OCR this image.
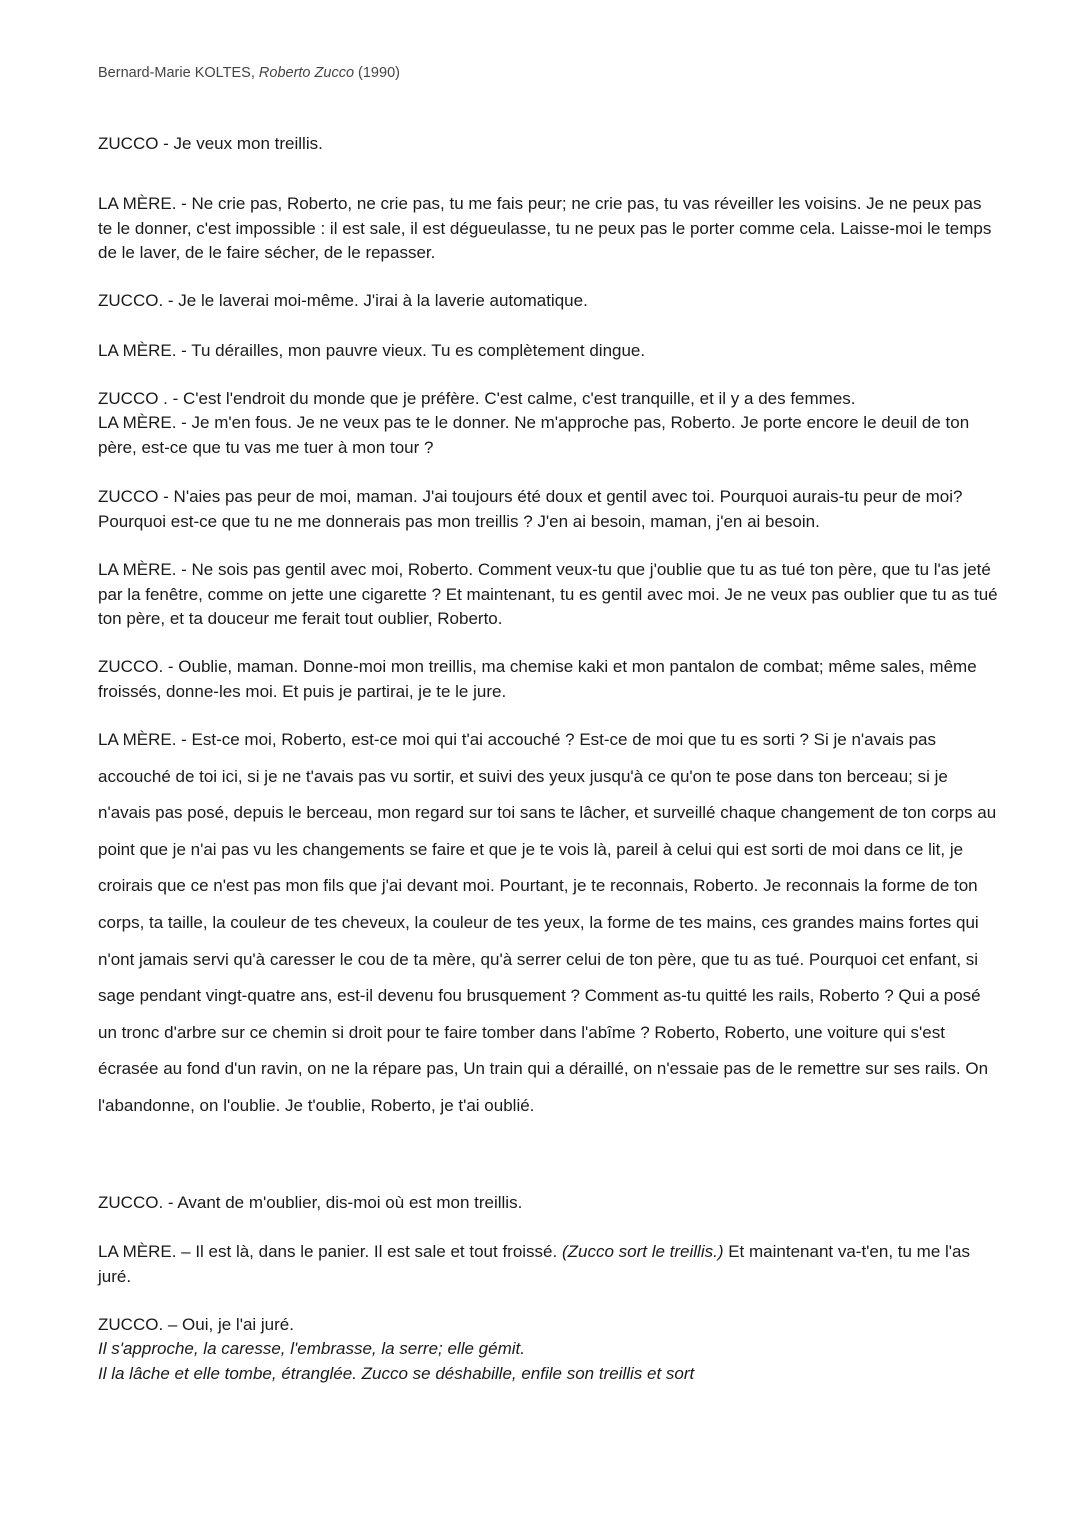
Bernard-Marie KOLTES, Roberto Zucco (1990)

ZUCCO - Je veux mon treillis.

LA MÈRE. - Ne crie pas, Roberto, ne crie pas, tu me fais peur; ne crie pas, tu vas réveiller les voisins. Je ne peux pas te le donner, c'est impossible : il est sale, il est dégueulasse, tu ne peux pas le porter comme cela. Laisse-moi le temps de le laver, de le faire sécher, de le repasser.

ZUCCO. - Je le laverai moi-même. J'irai à la laverie automatique.

LA MÈRE. - Tu dérailles, mon pauvre vieux. Tu es complètement dingue.

ZUCCO . - C'est l'endroit du monde que je préfère. C'est calme, c'est tranquille, et il y a des femmes.

LA MÈRE. - Je m'en fous. Je ne veux pas te le donner. Ne m'approche pas, Roberto. Je porte encore le deuil de ton père, est-ce que tu vas me tuer à mon tour ?

ZUCCO - N'aies pas peur de moi, maman. J'ai toujours été doux et gentil avec toi. Pourquoi aurais-tu peur de moi? Pourquoi est-ce que tu ne me donnerais pas mon treillis ? J'en ai besoin, maman, j'en ai besoin.

LA MÈRE. - Ne sois pas gentil avec moi, Roberto. Comment veux-tu que j'oublie que tu as tué ton père, que tu l'as jeté par la fenêtre, comme on jette une cigarette ? Et maintenant, tu es gentil avec moi. Je ne veux pas oublier que tu as tué ton père, et ta douceur me ferait tout oublier, Roberto.

ZUCCO. - Oublie, maman. Donne-moi mon treillis, ma chemise kaki et mon pantalon de combat; même sales, même froissés, donne-les moi. Et puis je partirai, je te le jure.

LA MÈRE. - Est-ce moi, Roberto, est-ce moi qui t'ai accouché ? Est-ce de moi que tu es sorti ? Si je n'avais pas accouché de toi ici, si je ne t'avais pas vu sortir, et suivi des yeux jusqu'à ce qu'on te pose dans ton berceau; si je n'avais pas posé, depuis le berceau, mon regard sur toi sans te lâcher, et surveillé chaque changement de ton corps au point que je n'ai pas vu les changements se faire et que je te vois là, pareil à celui qui est sorti de moi dans ce lit, je croirais que ce n'est pas mon fils que j'ai devant moi. Pourtant, je te reconnais, Roberto. Je reconnais la forme de ton corps, ta taille, la couleur de tes cheveux, la couleur de tes yeux, la forme de tes mains, ces grandes mains fortes qui n'ont jamais servi qu'à caresser le cou de ta mère, qu'à serrer celui de ton père, que tu as tué. Pourquoi cet enfant, si sage pendant vingt-quatre ans, est-il devenu fou brusquement ? Comment as-tu quitté les rails, Roberto ? Qui a posé un tronc d'arbre sur ce chemin si droit pour te faire tomber dans l'abîme ? Roberto, Roberto, une voiture qui s'est écrasée au fond d'un ravin, on ne la répare pas, Un train qui a déraillé, on n'essaie pas de le remettre sur ses rails. On l'abandonne, on l'oublie. Je t'oublie, Roberto, je t'ai oublié.

ZUCCO. - Avant de m'oublier, dis-moi où est mon treillis.

LA MÈRE. – Il est là, dans le panier. Il est sale et tout froissé. (Zucco sort le treillis.) Et maintenant va-t'en, tu me l'as juré.

ZUCCO. – Oui, je l'ai juré.

Il s'approche, la caresse, l'embrasse, la serre; elle gémit.

Il la lâche et elle tombe, étranglée. Zucco se déshabille, enfile son treillis et sort
